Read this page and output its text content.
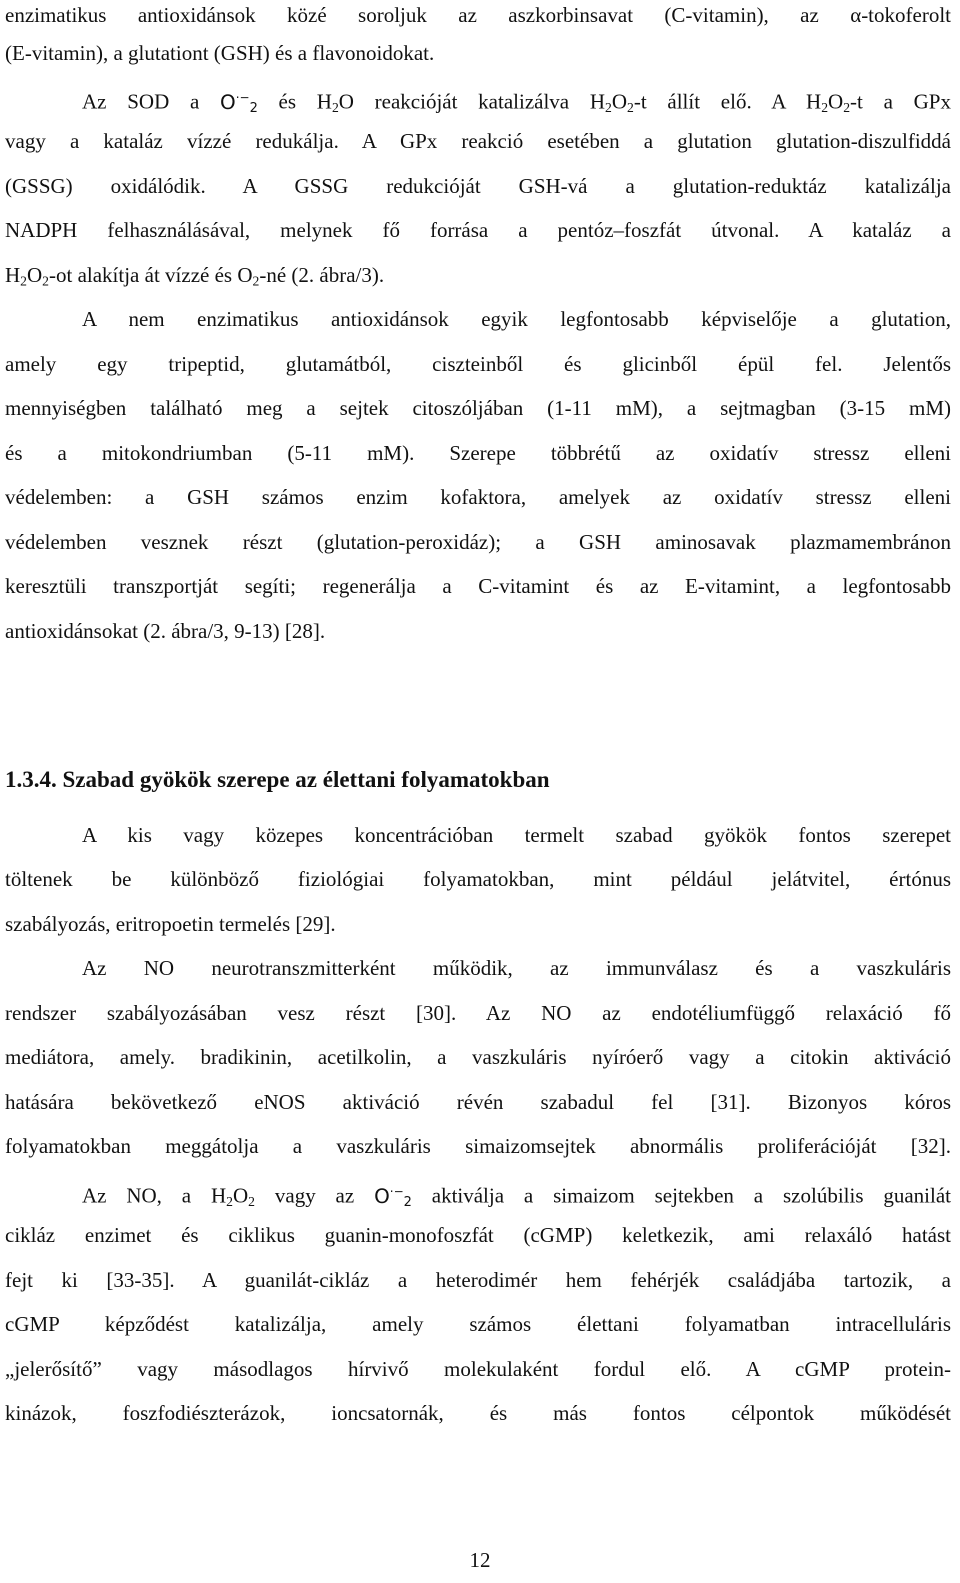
enzimatikus antioxidánsok közé soroljuk az aszkorbinsavat (C-vitamin), az α-tokoferolt
(E-vitamin), a glutationt (GSH) és a flavonoidokat.
Az SOD a $O^{\cdot-}_2$ és $H_2O$ reakcióját katalizálva $H_2O_2-t$ állít elő. A $H_2O_2-t$ a GPx
vagy a kataláz vízzé redukálja. A GPx reakció esetében a glutation glutation-diszulfiddá
(GSSG) oxidálódik. A GSSG redukcióját GSH-vá a glutation-reduktáz katalizálja
NADPH felhasználásával, melynek fő forrása a pentóz–foszfát útvonal. A kataláz a
$H_2O_2-ot$ alakítja át vízzé és $O_2-né$ (2. ábra/3).
A nem enzimatikus antioxidánsok egyik legfontosabb képviselője a glutation,
amely egy tripeptid, glutamátból, ciszteinből és glicinből épül fel. Jelentős
mennyiségben található meg a sejtek citoszóljában (1-11 mM), a sejtmagban (3-15 mM)
és a mitokondriumban (5-11 mM). Szerepe többrétű az oxidatív stressz elleni
védelemben: a GSH számos enzim kofaktora, amelyek az oxidatív stressz elleni
védelemben vesznek részt (glutation-peroxidáz); a GSH aminosavak plazmamembránon
keresztüli transzportját segíti; regenerálja a C-vitamint és az E-vitamint, a legfontosabb
antioxidánsokat (2. ábra/3, 9-13) [28].
1.3.4. Szabad gyökök szerepe az élettani folyamatokban
A kis vagy közepes koncentrációban termelt szabad gyökök fontos szerepet
töltenek be különböző fiziológiai folyamatokban, mint például jelátvitel, értónus
szabályozás, eritropoetin termelés [29].
Az NO neurotranszmitterként működik, az immunválasz és a vaszkuláris
rendszer szabályozásában vesz részt [30]. Az NO az endotéliumfüggő relaxáció fő
mediátora, amely. bradikinin, acetilkolin, a vaszkuláris nyíróerő vagy a citokin aktiváció
hatására bekövetkező eNOS aktiváció révén szabadul fel [31]. Bizonyos kóros
folyamatokban meggátolja a vaszkuláris simaizomsejtek abnormális proliferációját [32].
Az NO, a $H_2O_2$ vagy az $O^{\cdot-}_2$ aktiválja a simaizom sejtekben a szolúbilis guanilát
cikláz enzimet és ciklikus guanin-monofoszfát (cGMP) keletkezik, ami relaxáló hatást
fejt ki [33-35]. A guanilát-cikláz a heterodimér hem fehérjék családjába tartozik, a
cGMP képződést katalizálja, amely számos élettani folyamatban intracelluláris
„jelerősítő” vagy másodlagos hírvivő molekulaként fordul elő. A cGMP protein-
kinázok, foszfodiészterázok, ioncsatornák, és más fontos célpontok működését
12
